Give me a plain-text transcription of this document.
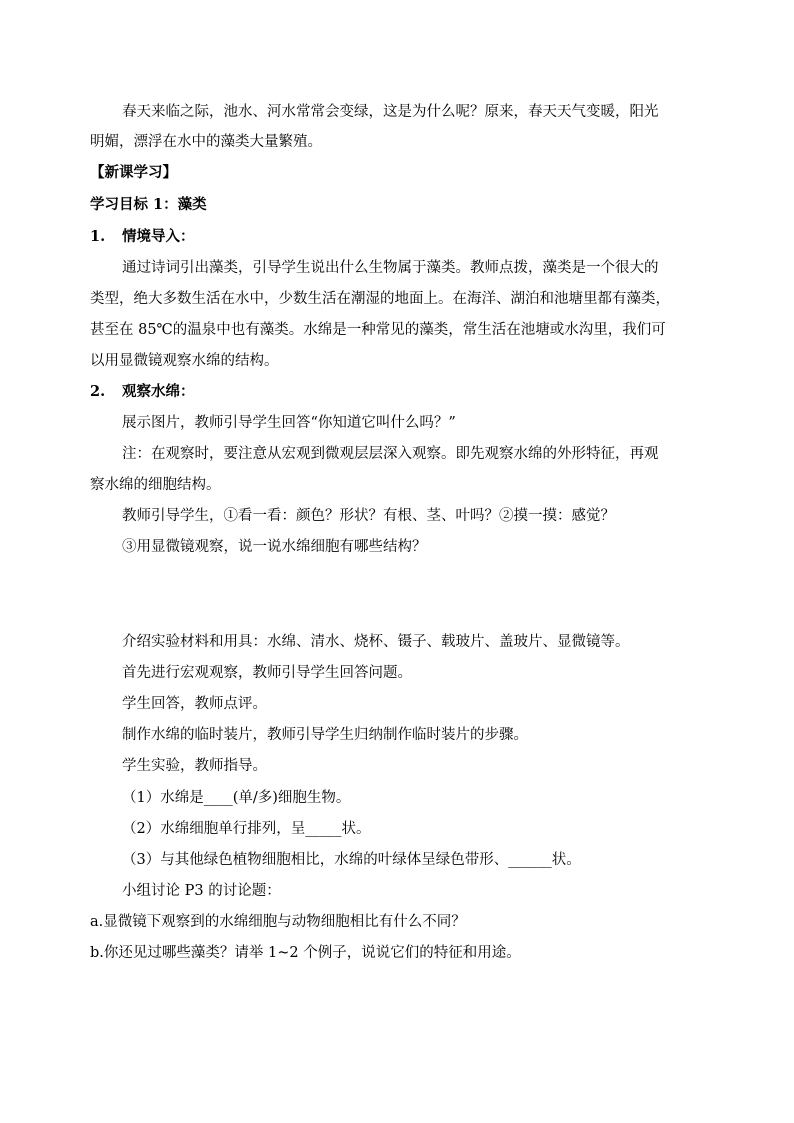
春天来临之际，池水、河水常常会变绿，这是为什么呢？原来，春天天气变暖，阳光
明媚，漂浮在水中的藻类大量繁殖。
【新课学习】
学习目标 1：藻类
1. 情境导入：
通过诗词引出藻类，引导学生说出什么生物属于藻类。教师点拨，藻类是一个很大的
类型，绝大多数生活在水中，少数生活在潮湿的地面上。在海洋、湖泊和池塘里都有藻类，
甚至在 85℃的温泉中也有藻类。水绵是一种常见的藻类，常生活在池塘或水沟里，我们可
以用显微镜观察水绵的结构。
2. 观察水绵：
展示图片，教师引导学生回答“你知道它叫什么吗？”
注：在观察时，要注意从宏观到微观层层深入观察。即先观察水绵的外形特征，再观
察水绵的细胞结构。
教师引导学生，①看一看：颜色？形状？有根、茎、叶吗？②摸一摸：感觉？
③用显微镜观察，说一说水绵细胞有哪些结构？
介绍实验材料和用具：水绵、清水、烧杯、镊子、载玻片、盖玻片、显微镜等。
首先进行宏观观察，教师引导学生回答问题。
学生回答，教师点评。
制作水绵的临时装片，教师引导学生归纳制作临时装片的步骤。
学生实验，教师指导。
（1）水绵是____(单/多)细胞生物。
（2）水绵细胞单行排列，呈_____状。
（3）与其他绿色植物细胞相比，水绵的叶绿体呈绿色带形、______状。
小组讨论 P3 的讨论题：
a.显微镜下观察到的水绵细胞与动物细胞相比有什么不同？
b.你还见过哪些藻类？请举 1~2 个例子，说说它们的特征和用途。
